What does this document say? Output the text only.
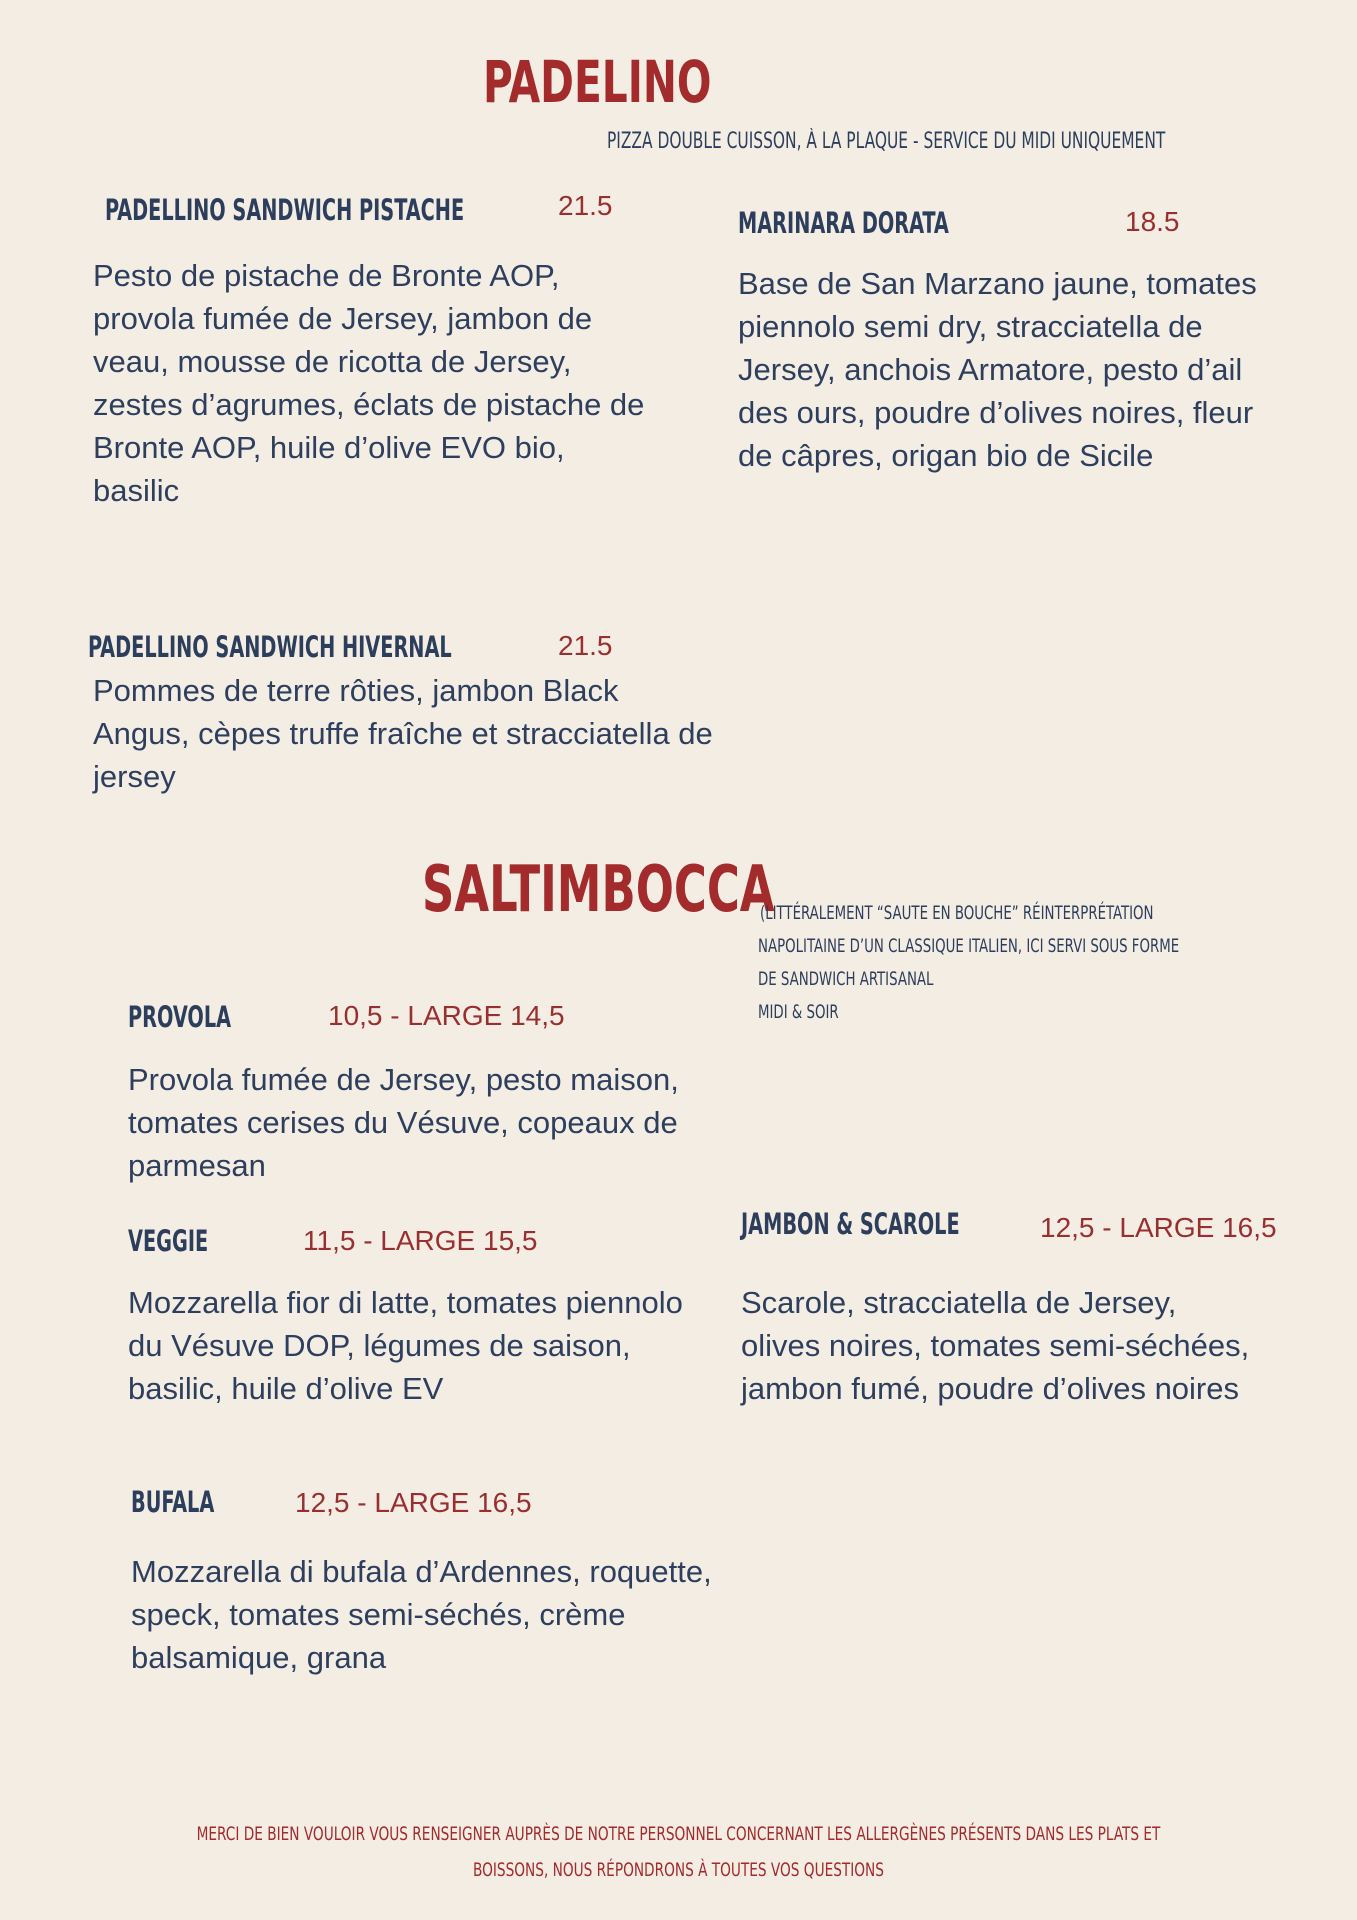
PADELINO
PIZZA DOUBLE CUISSON, À LA PLAQUE - SERVICE DU MIDI UNIQUEMENT
PADELLINO SANDWICH PISTACHE	21.5
Pesto de pistache de Bronte AOP, provola fumée de Jersey, jambon de veau, mousse de ricotta de Jersey, zestes d’agrumes, éclats de pistache de Bronte AOP, huile d’olive EVO bio, basilic
MARINARA DORATA	18.5
Base de San Marzano jaune, tomates piennolo semi dry, stracciatella de Jersey, anchois Armatore, pesto d’ail des ours, poudre d’olives noires, fleur de câpres, origan bio de Sicile
PADELLINO SANDWICH HIVERNAL	21.5
Pommes de terre rôties, jambon Black Angus, cèpes truffe fraîche et stracciatella de jersey
SALTIMBOCCA
(LITTÉRALEMENT “SAUTE EN BOUCHE” RÉINTERPRÉTATION
NAPOLITAINE D’UN CLASSIQUE ITALIEN, ICI SERVI SOUS FORME
DE SANDWICH ARTISANAL
MIDI & SOIR
PROVOLA	10,5 - LARGE 14,5
Provola fumée de Jersey, pesto maison, tomates cerises du Vésuve, copeaux de parmesan
VEGGIE	11,5 - LARGE 15,5
Mozzarella fior di latte, tomates piennolo du Vésuve DOP, légumes de saison, basilic, huile d’olive EV
JAMBON & SCAROLE	12,5 - LARGE 16,5
Scarole, stracciatella de Jersey, olives noires, tomates semi-séchées, jambon fumé, poudre d’olives noires
BUFALA	12,5 - LARGE 16,5
Mozzarella di bufala d’Ardennes, roquette, speck, tomates semi-séchés, crème balsamique, grana
MERCI DE BIEN VOULOIR VOUS RENSEIGNER AUPRÈS DE NOTRE PERSONNEL CONCERNANT LES ALLERGÈNES PRÉSENTS DANS LES PLATS ET
BOISSONS, NOUS RÉPONDRONS À TOUTES VOS QUESTIONS
